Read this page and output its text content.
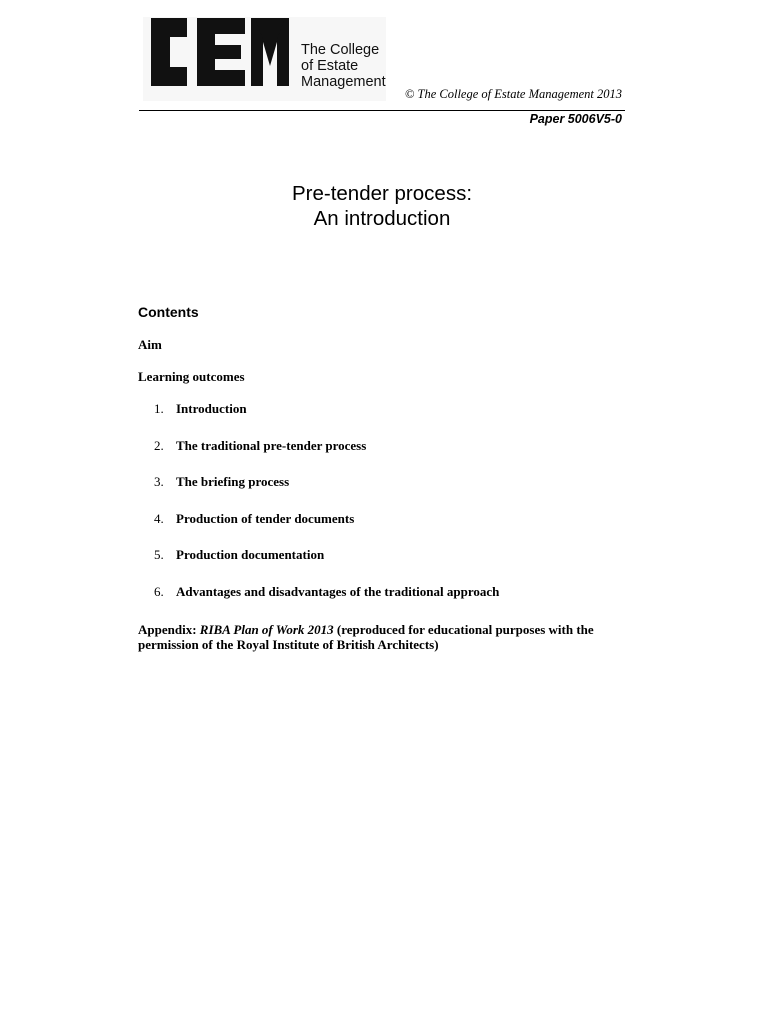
The College
of Estate
Management
© The College of Estate Management 2013
Paper 5006V5-0
Pre-tender process:
An introduction
Contents
Aim
Learning outcomes
1. Introduction
2. The traditional pre-tender process
3. The briefing process
4. Production of tender documents
5. Production documentation
6. Advantages and disadvantages of the traditional approach
Appendix: RIBA Plan of Work 2013 (reproduced for educational purposes with the permission of the Royal Institute of British Architects)
